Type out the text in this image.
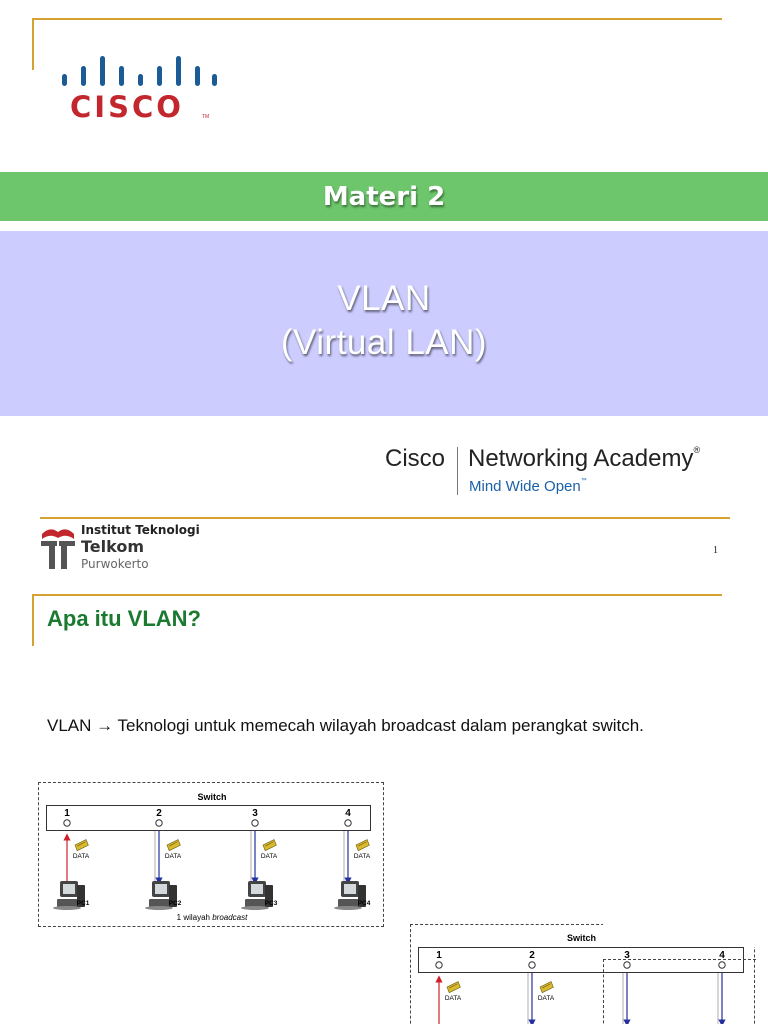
CISCO	TM
Materi 2
VLAN
(Virtual LAN)
Cisco Networking Academy®
Mind Wide Open™
Institut Teknologi
Telkom
Purwokerto
1
Apa itu VLAN?
VLAN → Teknologi untuk memecah wilayah broadcast dalam perangkat switch.
Switch
1
DATA
PC1
2
DATA
PC2
3
DATA
PC3
4
DATA
PC4
1 wilayah broadcast
Switch
1
DATA
2
DATA
3	4
